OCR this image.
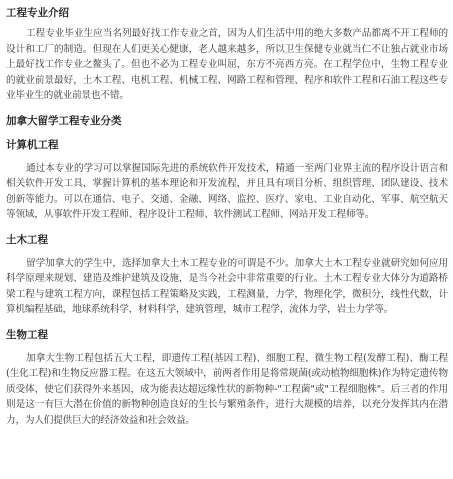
工程专业介绍

工程专业毕业生应当名列最好找工作专业之首，因为人们生活中用的绝大多数产品都离不开工程师的设计和工厂的制造。但现在人们更关心健康，老人越来越多，所以卫生保健专业就当仁不让独占就业市场上最好找工作专业之鳌头了。但也不必为工程专业叫屈，东方不亮西方亮。在工程学位中，生物工程专业的就业前景最好，土木工程、电机工程、机械工程、网路工程和管理、程序和软件工程和石油工程这些专业毕业生的就业前景也不错。

加拿大留学工程专业分类
计算机工程

通过本专业的学习可以掌握国际先进的系统软件开发技术，精通一至两门业界主流的程序设计语言和相关软件开发工具，掌握计算机的基本理论和开发流程，并且具有项目分析、组织管理、团队建设、技术创新等能力。可以在通信、电子、交通、金融、网络、监控、医疗、家电、工业自动化、军事、航空航天等领域，从事软件开发工程师、程序设计工程师、软件测试工程师、网站开发工程师等。

土木工程

留学加拿大的学生中，选择加拿大土木工程专业的可谓是不少。加拿大土木工程专业就研究如何应用科学原理来规划、建造及维护建筑及设施，是当今社会中非常重要的行业。土木工程专业大体分为道路桥梁工程与建筑工程方向，课程包括工程策略及实践，工程测量，力学，物理化学，微积分，线性代数，计算机编程基础，地球系统科学，材料科学，建筑管理，城市工程学，流体力学，岩土力学等。

生物工程

加拿大生物工程包括五大工程，即遗传工程(基因工程)、细胞工程、微生物工程(发酵工程)、酶工程(生化工程)和生物反应器工程。在这五大领域中，前两者作用是将常规菌(或动植物细胞株)作为特定遗传物质受体，使它们获得外来基因，成为能表达超远缘性状的新物种-"工程菌"或"工程细胞株"。后三者的作用则是这一有巨大潜在价值的新物种创造良好的生长与繁殖条件，进行大规模的培养，以充分发挥其内在潜力，为人们提供巨大的经济效益和社会效益。
